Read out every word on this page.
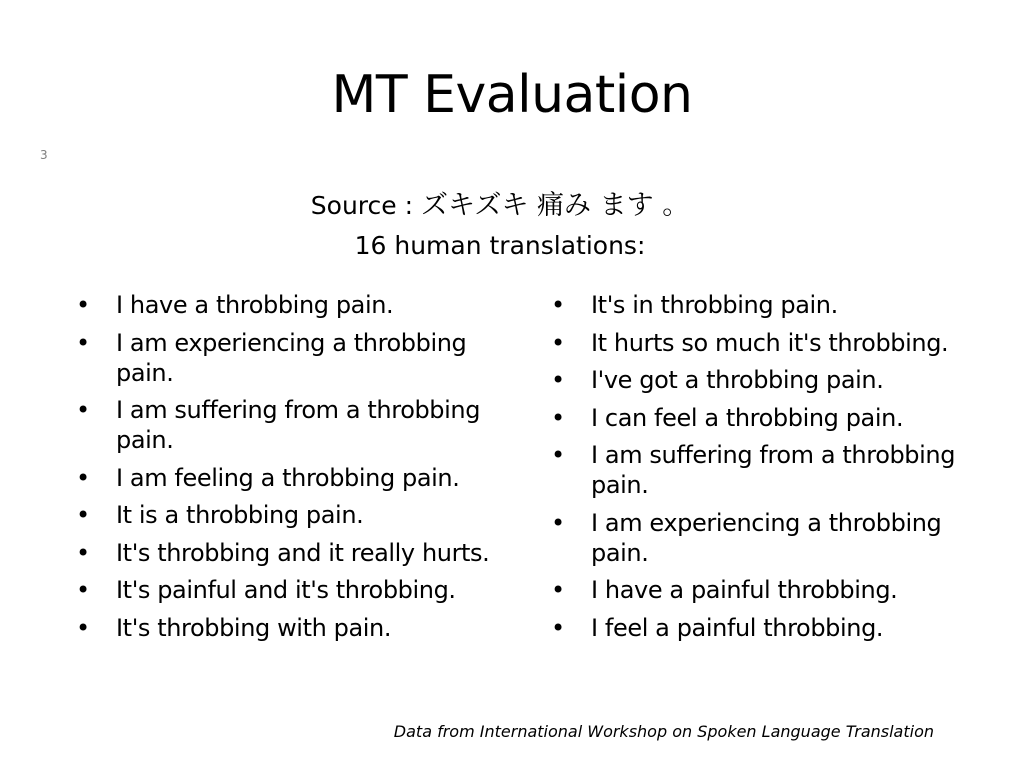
MT Evaluation
3
Source : ズキズキ 痛み ます 。
16 human translations:
• I have a throbbing pain.
• I am experiencing a throbbing pain.
• I am suffering from a throbbing pain.
• I am feeling a throbbing pain.
• It is a throbbing pain.
• It's throbbing and it really hurts.
• It's painful and it's throbbing.
• It's throbbing with pain.
• It's in throbbing pain.
• It hurts so much it's throbbing.
• I've got a throbbing pain.
• I can feel a throbbing pain.
• I am suffering from a throbbing pain.
• I am experiencing a throbbing pain.
• I have a painful throbbing.
• I feel a painful throbbing.
Data from International Workshop on Spoken Language Translation
